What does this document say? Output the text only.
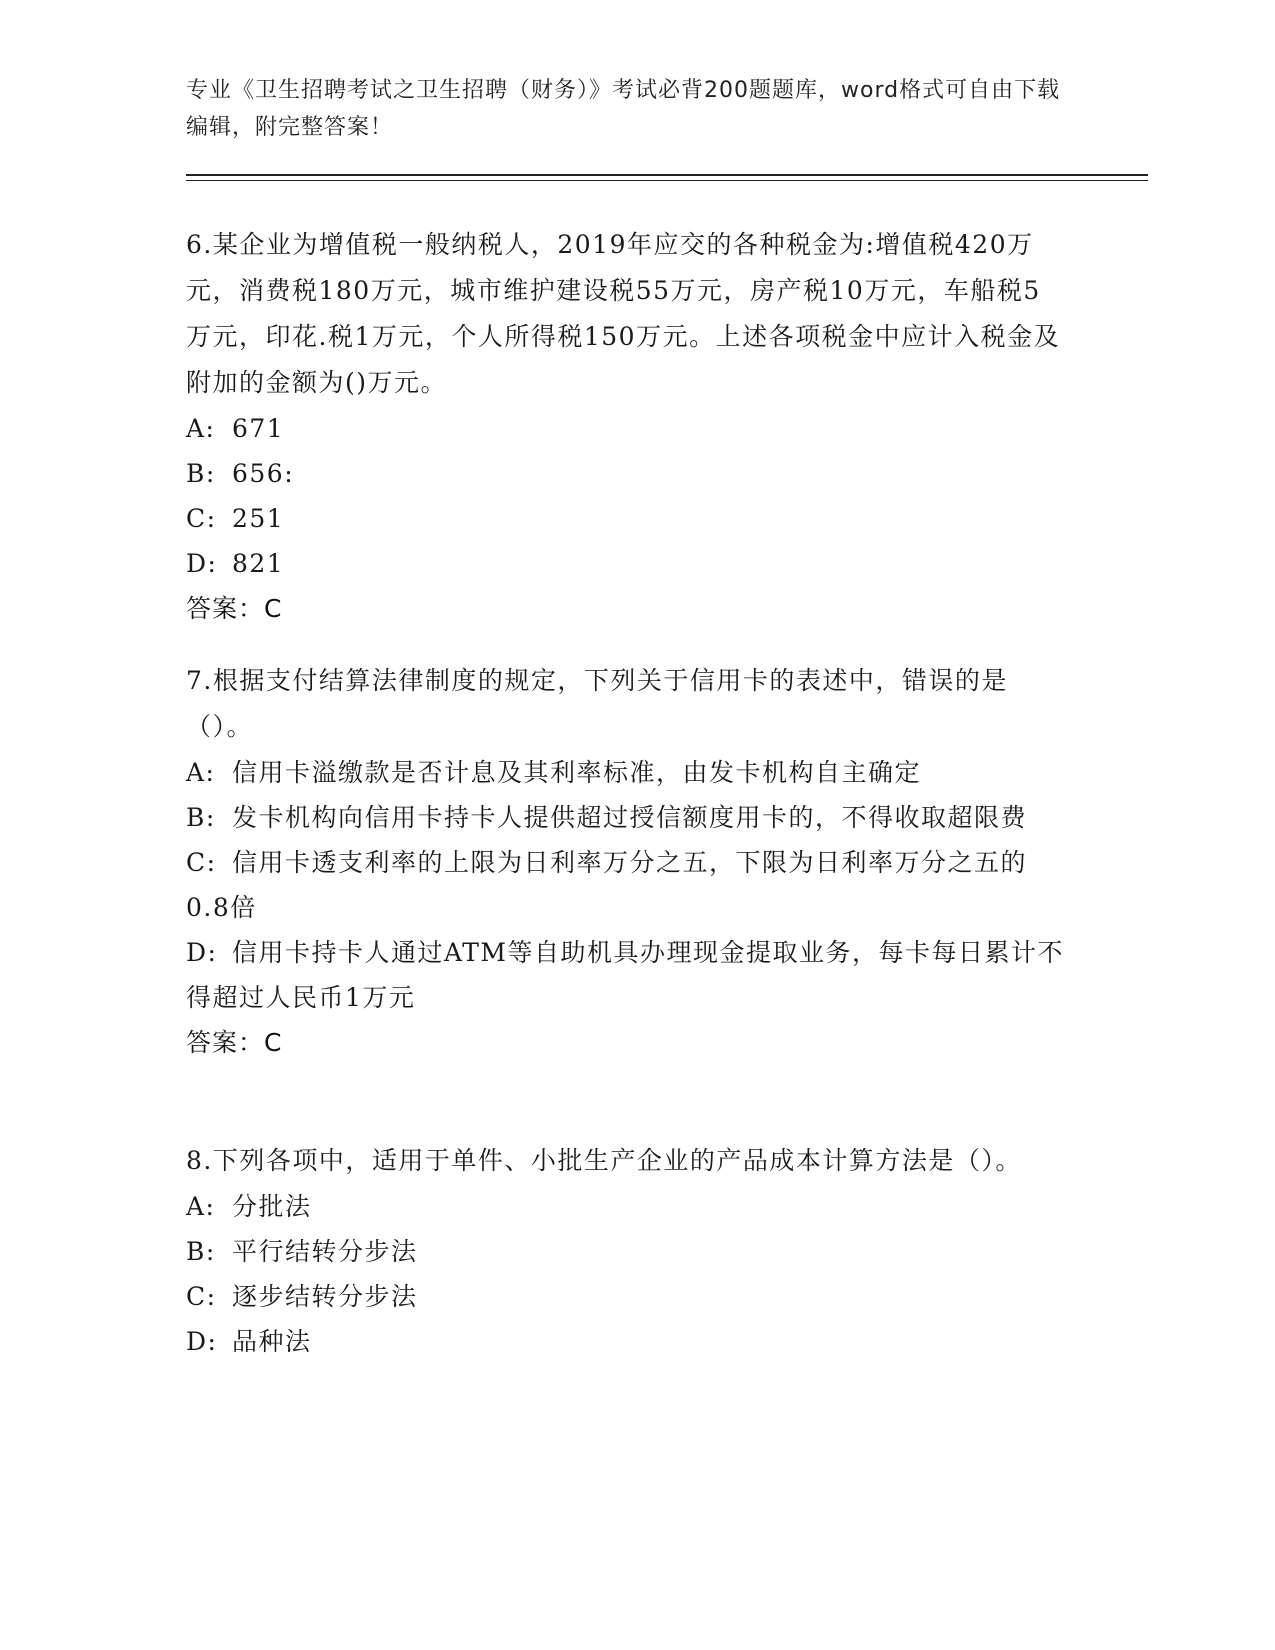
专业《卫生招聘考试之卫生招聘（财务）》考试必背200题题库，word格式可自由下载编辑，附完整答案！

6.某企业为增值税一般纳税人，2019年应交的各种税金为:增值税420万元，消费税180万元，城市维护建设税55万元，房产税10万元，车船税5万元，印花.税1万元，个人所得税150万元。上述各项税金中应计入税金及附加的金额为()万元。

A: 671

B: 656:

C: 251

D: 821

答案：C

7.根据支付结算法律制度的规定，下列关于信用卡的表述中，错误的是（）。

A: 信用卡溢缴款是否计息及其利率标准，由发卡机构自主确定

B: 发卡机构向信用卡持卡人提供超过授信额度用卡的，不得收取超限费

C: 信用卡透支利率的上限为日利率万分之五，下限为日利率万分之五的0.8倍

D: 信用卡持卡人通过ATM等自助机具办理现金提取业务，每卡每日累计不得超过人民币1万元

答案：C

8.下列各项中，适用于单件、小批生产企业的产品成本计算方法是（）。

A: 分批法

B: 平行结转分步法

C: 逐步结转分步法

D: 品种法
